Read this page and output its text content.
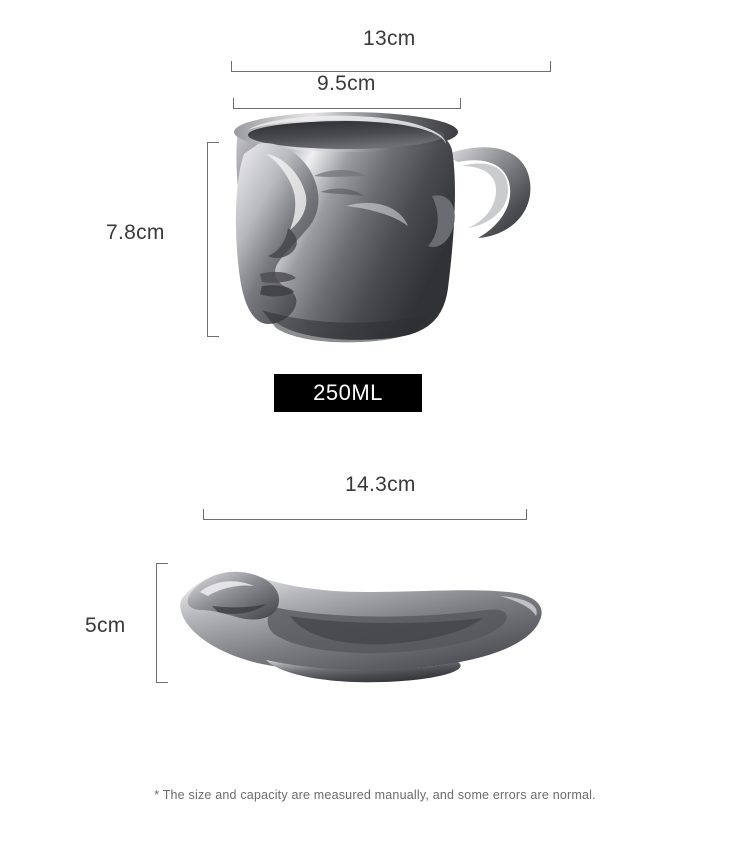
13cm
9.5cm
7.8cm
250ML
14.3cm
5cm
* The size and capacity are measured manually, and some errors are normal.
